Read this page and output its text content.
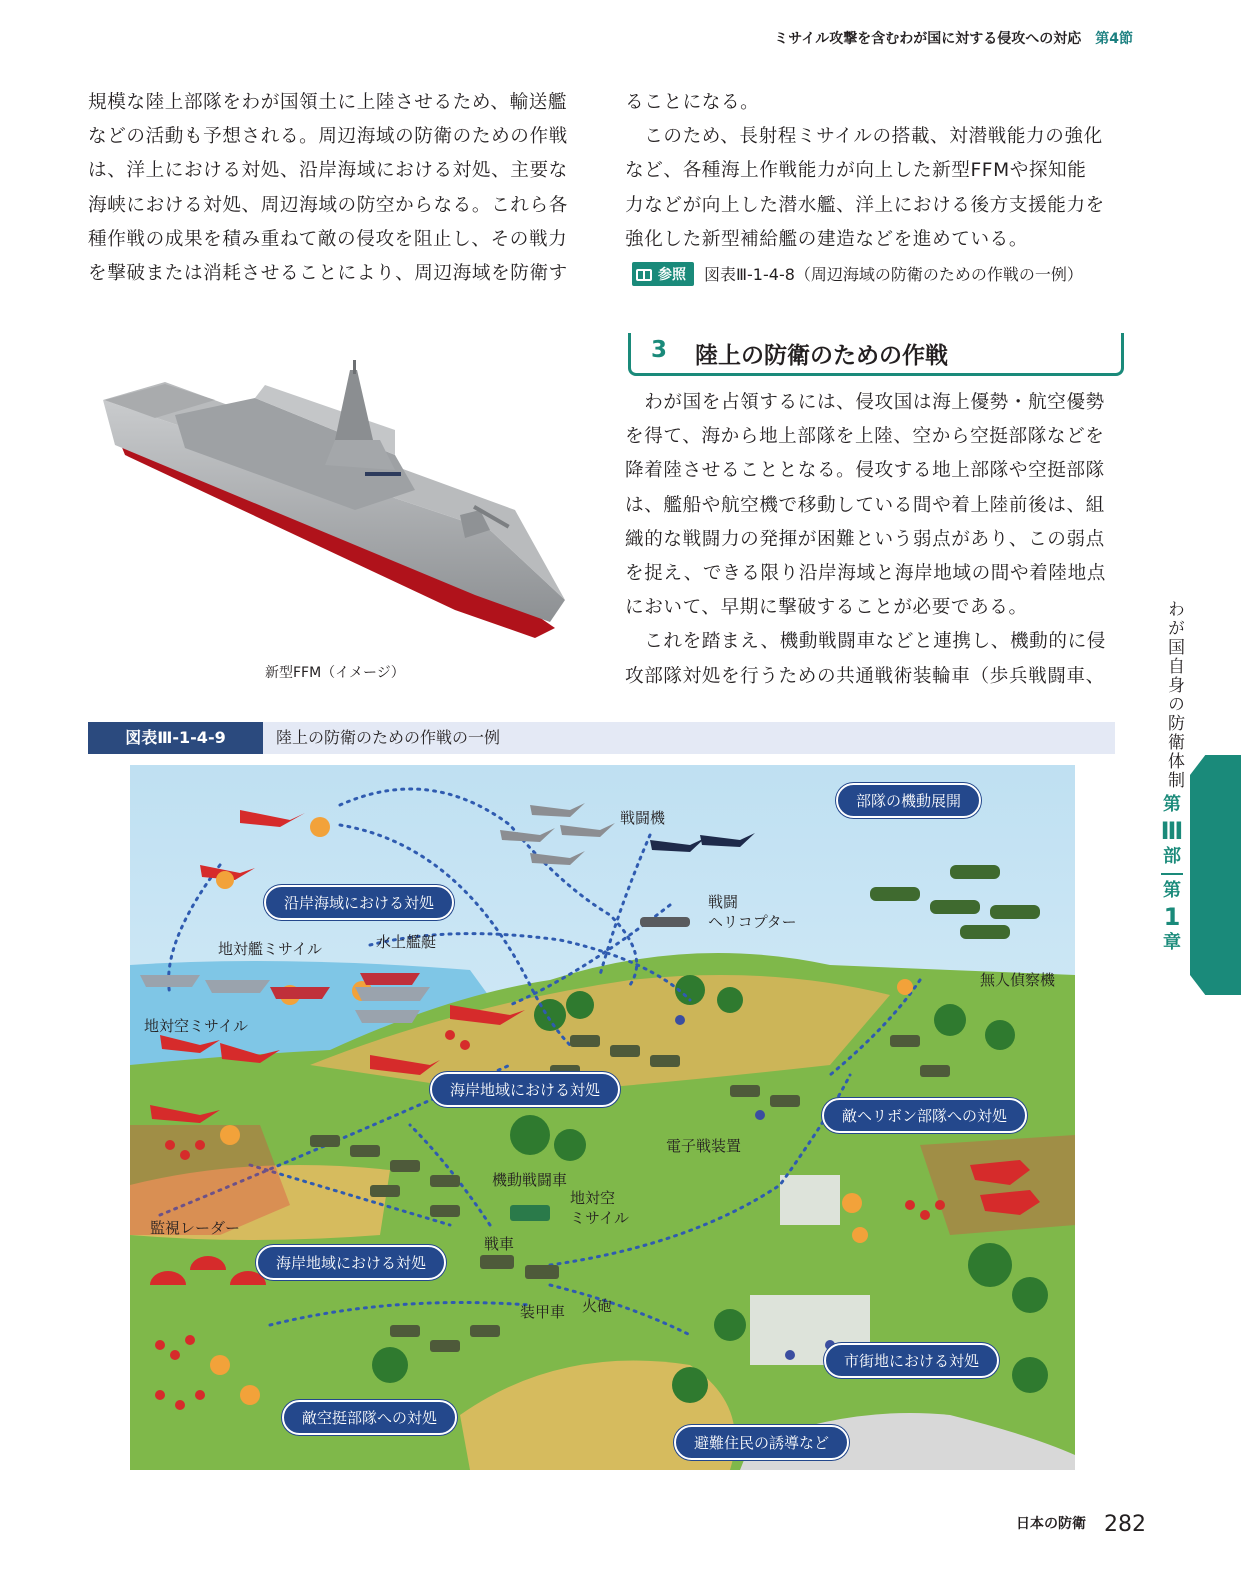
ミサイル攻撃を含むわが国に対する侵攻への対応 第4節

規模な陸上部隊をわが国領土に上陸させるため、輸送艦

などの活動も予想される。周辺海域の防衛のための作戦

は、洋上における対処、沿岸海域における対処、主要な

海峡における対処、周辺海域の防空からなる。これら各

種作戦の成果を積み重ねて敵の侵攻を阻止し、その戦力

を撃破または消耗させることにより、周辺海域を防衛す

ることになる。

　このため、長射程ミサイルの搭載、対潜戦能力の強化

など、各種海上作戦能力が向上した新型FFMや探知能

力などが向上した潜水艦、洋上における後方支援能力を

強化した新型補給艦の建造などを進めている。

参照 図表Ⅲ-1-4-8（周辺海域の防衛のための作戦の一例）
3 陸上の防衛のための作戦

　わが国を占領するには、侵攻国は海上優勢・航空優勢

を得て、海から地上部隊を上陸、空から空挺部隊などを

降着陸させることとなる。侵攻する地上部隊や空挺部隊

は、艦船や航空機で移動している間や着上陸前後は、組

織的な戦闘力の発揮が困難という弱点があり、この弱点

を捉え、できる限り沿岸海域と海岸地域の間や着陸地点

において、早期に撃破することが必要である。

　これを踏まえ、機動戦闘車などと連携し、機動的に侵

攻部隊対処を行うための共通戦術装輪車（歩兵戦闘車、

新型FFM（イメージ）
図表Ⅲ-1-4-9	陸上の防衛のための作戦の一例
戦闘機
戦闘
ヘリコプター
地対艦ミサイル	水上艦艇
地対空ミサイル
無人偵察機
電子戦装置
機動戦闘車
地対空
ミサイル
監視レーダー
戦車
装甲車 火砲
部隊の機動展開
沿岸海域における対処
海岸地域における対処
敵ヘリボン部隊への対処
海岸地域における対処
市街地における対処
敵空挺部隊への対処
避難住民の誘導など
わが国自身の防衛体制
第
Ⅲ
部
第
1
章
日本の防衛 282
